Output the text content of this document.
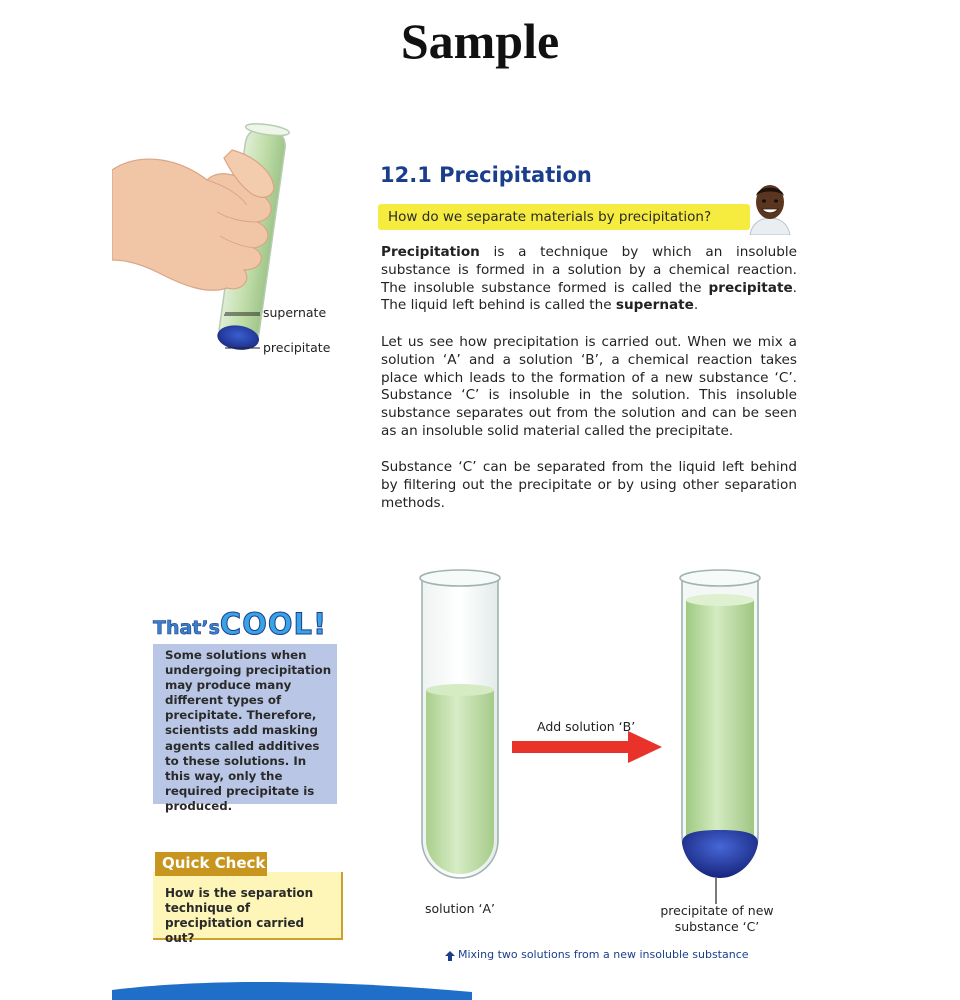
Sample
supernate
precipitate
12.1 Precipitation
How do we separate materials by precipitation?
Precipitation is a technique by which an insoluble substance is formed in a solution by a chemical reaction. The insoluble substance formed is called the precipitate. The liquid left behind is called the supernate.
Let us see how precipitation is carried out. When we mix a solution ‘A’ and a solution ‘B’, a chemical reaction takes place which leads to the formation of a new substance ‘C’. Substance ‘C’ is insoluble in the solution. This insoluble substance separates out from the solution and can be seen as an insoluble solid material called the precipitate.
Substance ‘C’ can be separated from the liquid left behind by filtering out the precipitate or by using other separation methods.
That’sCOOL!
Some solutions when undergoing precipitation may produce many different types of precipitate. Therefore, scientists add masking agents called additives to these solutions. In this way, only the required precipitate is produced.
Quick Check
How is the separation technique of precipitation carried out?
Add solution ‘B’
solution ‘A’	precipitate of new substance ‘C’
Mixing two solutions from a new insoluble substance
